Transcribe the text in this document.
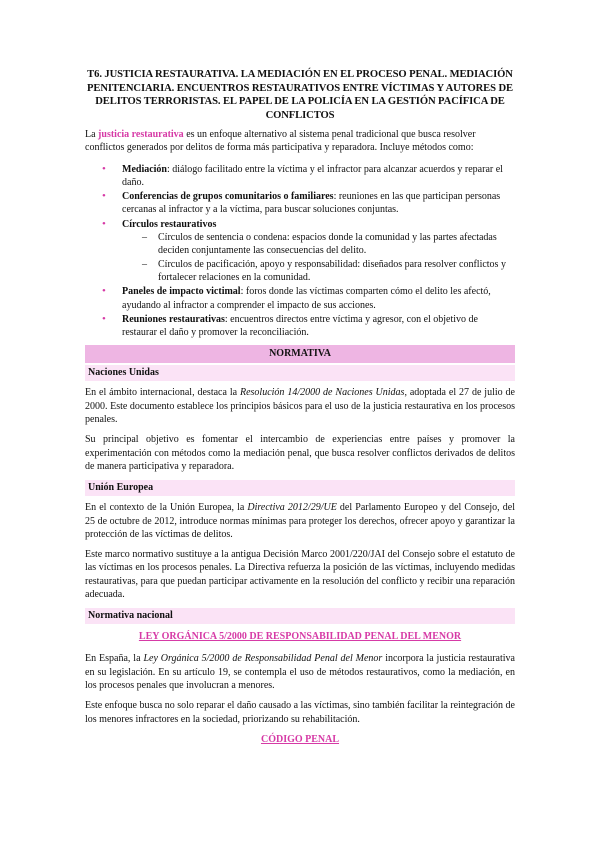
T6. JUSTICIA RESTAURATIVA. LA MEDIACIÓN EN EL PROCESO PENAL. MEDIACIÓN PENITENCIARIA. ENCUENTROS RESTAURATIVOS ENTRE VÍCTIMAS Y AUTORES DE DELITOS TERRORISTAS. EL PAPEL DE LA POLICÍA EN LA GESTIÓN PACÍFICA DE CONFLICTOS

La justicia restaurativa es un enfoque alternativo al sistema penal tradicional que busca resolver conflictos generados por delitos de forma más participativa y reparadora. Incluye métodos como:

• Mediación: diálogo facilitado entre la víctima y el infractor para alcanzar acuerdos y reparar el daño.
• Conferencias de grupos comunitarios o familiares: reuniones en las que participan personas cercanas al infractor y a la víctima, para buscar soluciones conjuntas.
• Círculos restaurativos
– Círculos de sentencia o condena: espacios donde la comunidad y las partes afectadas deciden conjuntamente las consecuencias del delito.
– Círculos de pacificación, apoyo y responsabilidad: diseñados para resolver conflictos y fortalecer relaciones en la comunidad.
• Paneles de impacto victimal: foros donde las víctimas comparten cómo el delito les afectó, ayudando al infractor a comprender el impacto de sus acciones.
• Reuniones restaurativas: encuentros directos entre víctima y agresor, con el objetivo de restaurar el daño y promover la reconciliación.
NORMATIVA
Naciones Unidas

En el ámbito internacional, destaca la Resolución 14/2000 de Naciones Unidas, adoptada el 27 de julio de 2000. Este documento establece los principios básicos para el uso de la justicia restaurativa en los procesos penales.

Su principal objetivo es fomentar el intercambio de experiencias entre países y promover la experimentación con métodos como la mediación penal, que busca resolver conflictos derivados de delitos de manera participativa y reparadora.

Unión Europea

En el contexto de la Unión Europea, la Directiva 2012/29/UE del Parlamento Europeo y del Consejo, del 25 de octubre de 2012, introduce normas mínimas para proteger los derechos, ofrecer apoyo y garantizar la protección de las víctimas de delitos.

Este marco normativo sustituye a la antigua Decisión Marco 2001/220/JAI del Consejo sobre el estatuto de las víctimas en los procesos penales. La Directiva refuerza la posición de las víctimas, incluyendo medidas restaurativas, para que puedan participar activamente en la resolución del conflicto y recibir una reparación adecuada.

Normativa nacional
LEY ORGÁNICA 5/2000 DE RESPONSABILIDAD PENAL DEL MENOR

En España, la Ley Orgánica 5/2000 de Responsabilidad Penal del Menor incorpora la justicia restaurativa en su legislación. En su artículo 19, se contempla el uso de métodos restaurativos, como la mediación, en los procesos penales que involucran a menores.

Este enfoque busca no solo reparar el daño causado a las víctimas, sino también facilitar la reintegración de los menores infractores en la sociedad, priorizando su rehabilitación.

CÓDIGO PENAL
